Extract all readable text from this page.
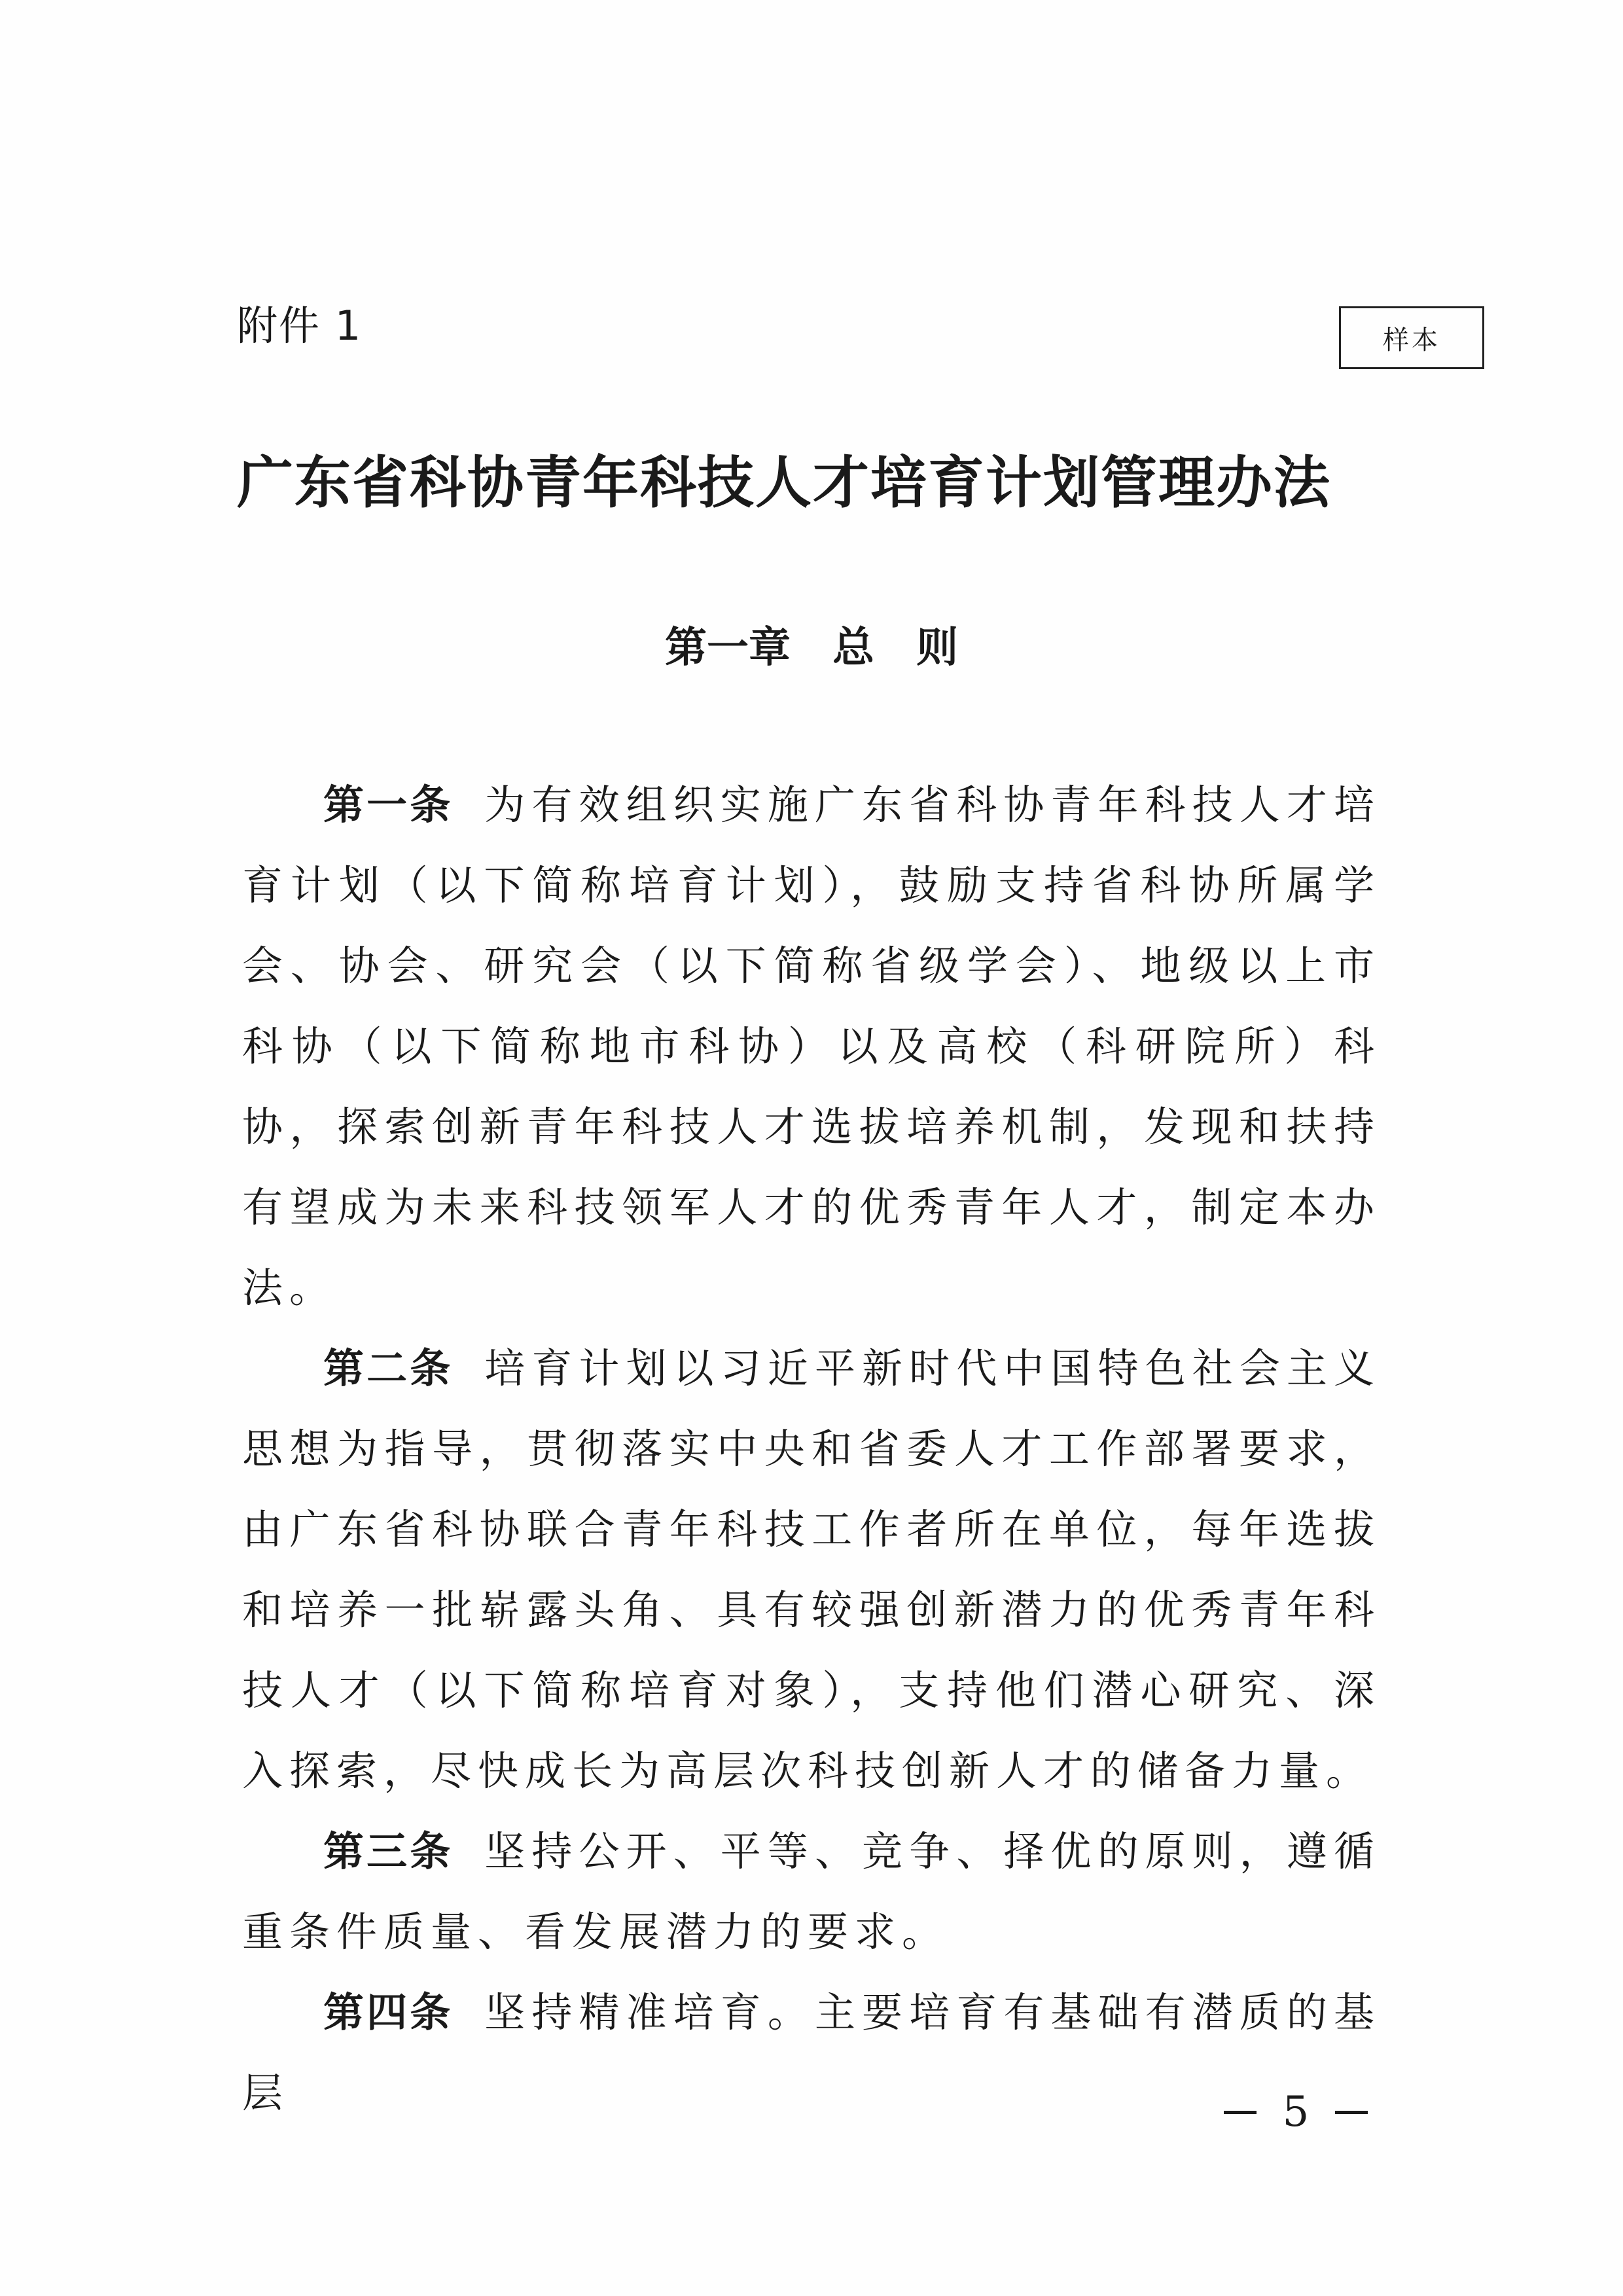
附件 1	样本
广东省科协青年科技人才培育计划管理办法
第一章　总　则

第一条 为有效组织实施广东省科协青年科技人才培育计划（以下简称培育计划），鼓励支持省科协所属学会、协会、研究会（以下简称省级学会）、地级以上市科协（以下简称地市科协）以及高校（科研院所）科协，探索创新青年科技人才选拔培养机制，发现和扶持有望成为未来科技领军人才的优秀青年人才，制定本办法。

第二条 培育计划以习近平新时代中国特色社会主义思想为指导，贯彻落实中央和省委人才工作部署要求，由广东省科协联合青年科技工作者所在单位，每年选拔和培养一批崭露头角、具有较强创新潜力的优秀青年科技人才（以下简称培育对象），支持他们潜心研究、深入探索，尽快成长为高层次科技创新人才的储备力量。

第三条 坚持公开、平等、竞争、择优的原则，遵循重条件质量、看发展潜力的要求。

第四条 坚持精准培育。主要培育有基础有潜质的基层	5
